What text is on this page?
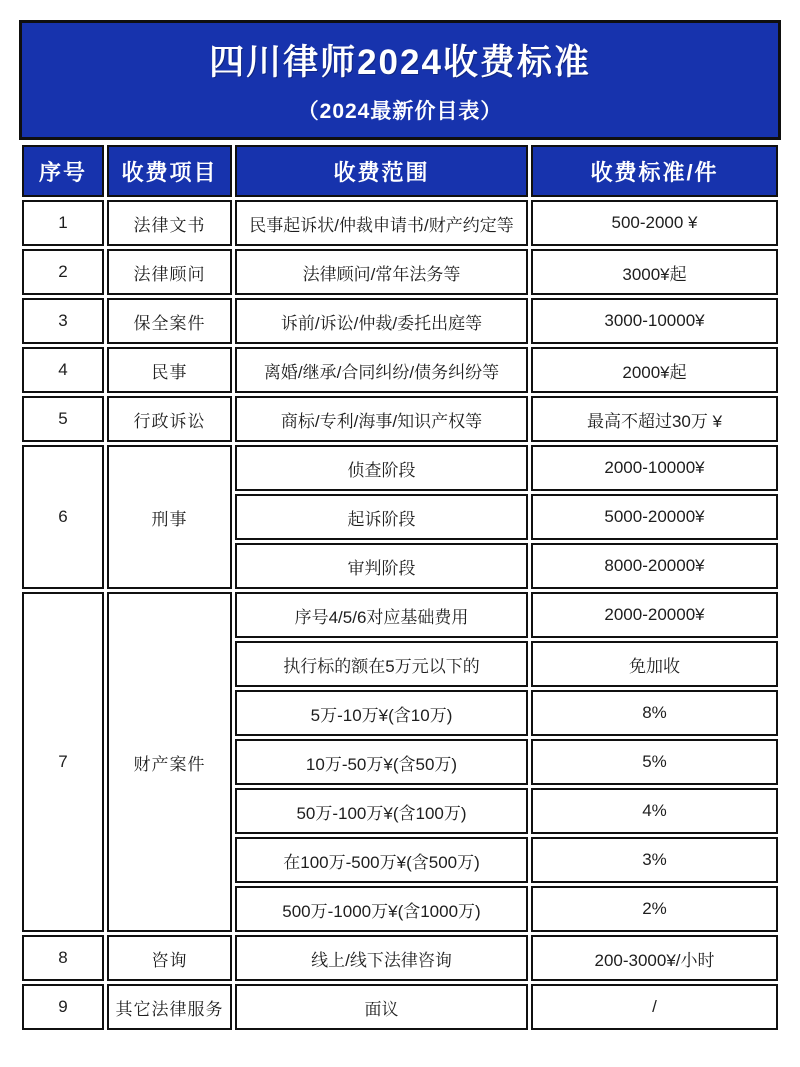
四川律师2024收费标准
（2024最新价目表）
序号	收费项目	收费范围	收费标准/件
1	法律文书	民事起诉状/仲裁申请书/财产约定等	500-2000 ¥
2	法律顾问	法律顾问/常年法务等	3000¥起
3	保全案件	诉前/诉讼/仲裁/委托出庭等	3000-10000¥
4	民事	离婚/继承/合同纠纷/债务纠纷等	2000¥起
5	行政诉讼	商标/专利/海事/知识产权等	最高不超过30万 ¥
6	刑事	侦查阶段	2000-10000¥
		起诉阶段	5000-20000¥
		审判阶段	8000-20000¥
7	财产案件	序号4/5/6对应基础费用	2000-20000¥
		执行标的额在5万元以下的	免加收
		5万-10万¥(含10万)	8%
		10万-50万¥(含50万)	5%
		50万-100万¥(含100万)	4%
		在100万-500万¥(含500万)	3%
		500万-1000万¥(含1000万)	2%
8	咨询	线上/线下法律咨询	200-3000¥/小时
9	其它法律服务	面议	/
